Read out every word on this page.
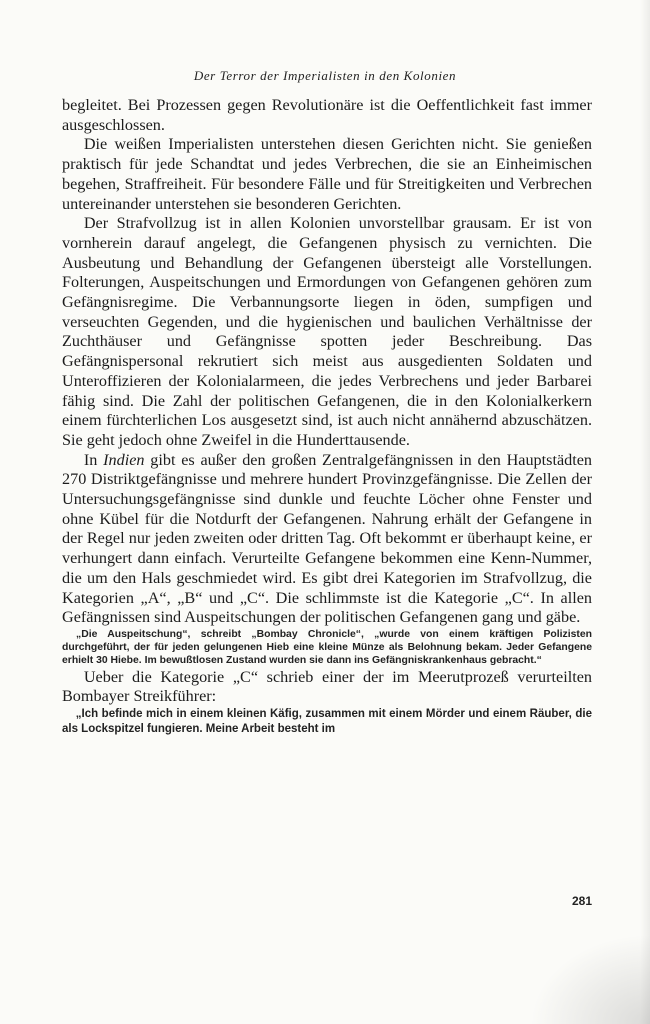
Der Terror der Imperialisten in den Kolonien

begleitet. Bei Prozessen gegen Revolutionäre ist die Oeffentlichkeit fast immer ausgeschlossen.

Die weißen Imperialisten unterstehen diesen Gerichten nicht. Sie genießen praktisch für jede Schandtat und jedes Verbrechen, die sie an Einheimischen begehen, Straffreiheit. Für besondere Fälle und für Streitigkeiten und Verbrechen untereinander unterstehen sie besonderen Gerichten.

Der Strafvollzug ist in allen Kolonien unvorstellbar grausam. Er ist von vornherein darauf angelegt, die Gefangenen physisch zu vernichten. Die Ausbeutung und Behandlung der Gefangenen übersteigt alle Vorstellungen. Folterungen, Auspeitschungen und Ermordungen von Gefangenen gehören zum Gefängnisregime. Die Verbannungsorte liegen in öden, sumpfigen und verseuchten Gegenden, und die hygienischen und baulichen Verhältnisse der Zuchthäuser und Gefängnisse spotten jeder Beschreibung. Das Gefängnispersonal rekrutiert sich meist aus ausgedienten Soldaten und Unteroffizieren der Kolonialarmeen, die jedes Verbrechens und jeder Barbarei fähig sind. Die Zahl der politischen Gefangenen, die in den Kolonialkerkern einem fürchterlichen Los ausgesetzt sind, ist auch nicht annähernd abzuschätzen. Sie geht jedoch ohne Zweifel in die Hunderttausende.

In Indien gibt es außer den großen Zentralgefängnissen in den Hauptstädten 270 Distriktgefängnisse und mehrere hundert Provinzgefängnisse. Die Zellen der Untersuchungsgefängnisse sind dunkle und feuchte Löcher ohne Fenster und ohne Kübel für die Notdurft der Gefangenen. Nahrung erhält der Gefangene in der Regel nur jeden zweiten oder dritten Tag. Oft bekommt er überhaupt keine, er verhungert dann einfach. Verurteilte Gefangene bekommen eine Kenn-Nummer, die um den Hals geschmiedet wird. Es gibt drei Kategorien im Strafvollzug, die Kategorien „A“, „B“ und „C“. Die schlimmste ist die Kategorie „C“. In allen Gefängnissen sind Auspeitschungen der politischen Gefangenen gang und gäbe.

„Die Auspeitschung“, schreibt „Bombay Chronicle“, „wurde von einem kräftigen Polizisten durchgeführt, der für jeden gelungenen Hieb eine kleine Münze als Belohnung bekam. Jeder Gefangene erhielt 30 Hiebe. Im bewußtlosen Zustand wurden sie dann ins Gefängniskrankenhaus gebracht.“

Ueber die Kategorie „C“ schrieb einer der im Meerutprozeß verurteilten Bombayer Streikführer:

„Ich befinde mich in einem kleinen Käfig, zusammen mit einem Mörder und einem Räuber, die als Lockspitzel fungieren. Meine Arbeit besteht im

281
